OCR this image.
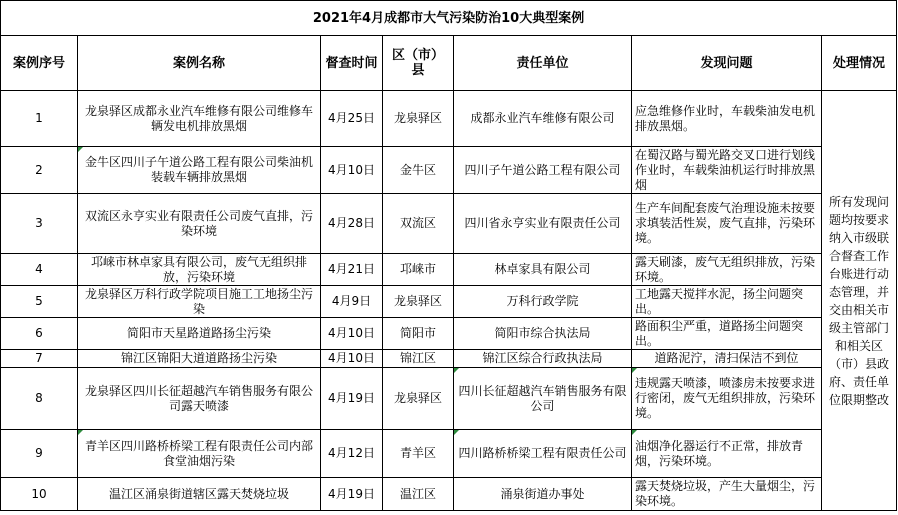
2021年4月成都市大气污染防治10大典型案例						
案例序号	案例名称	督查时间	区（市）县	责任单位	发现问题	处理情况
1	龙泉驿区成都永业汽车维修有限公司维修车辆发电机排放黑烟	4月25日	龙泉驿区	成都永业汽车维修有限公司	应急维修作业时，车载柴油发电机排放黑烟。	所有发现问题均按要求纳入市级联合督查工作台账进行动态管理，并交由相关市级主管部门和相关区（市）县政府、责任单位限期整改
2	金牛区四川子午道公路工程有限公司柴油机装载车辆排放黑烟	4月10日	金牛区	四川子午道公路工程有限公司	在蜀汉路与蜀光路交叉口进行划线作业时，车载柴油机运行时排放黑烟	
3	双流区永亨实业有限责任公司废气直排，污染环境	4月28日	双流区	四川省永亨实业有限责任公司	生产车间配套废气治理设施未按要求填装活性炭，废气直排，污染环境。	
4	邛崃市林卓家具有限公司，废气无组织排放，污染环境	4月21日	邛崃市	林卓家具有限公司	露天刷漆，废气无组织排放，污染环境。	
5	龙泉驿区万科行政学院项目施工工地扬尘污染	4月9日	龙泉驿区	万科行政学院	工地露天搅拌水泥，扬尘问题突出。	
6	简阳市天星路道路扬尘污染	4月10日	简阳市	简阳市综合执法局	路面积尘严重，道路扬尘问题突出。	
7	锦江区锦阳大道道路扬尘污染	4月10日	锦江区	锦江区综合行政执法局	道路泥泞，清扫保洁不到位	
8	龙泉驿区四川长征超越汽车销售服务有限公司露天喷漆	4月19日	龙泉驿区	四川长征超越汽车销售服务有限公司	违规露天喷漆，喷漆房未按要求进行密闭，废气无组织排放，污染环境。	
9	青羊区四川路桥桥梁工程有限责任公司内部食堂油烟污染	4月12日	青羊区	四川路桥桥梁工程有限责任公司	油烟净化器运行不正常，排放青烟，污染环境。	
10	温江区涌泉街道辖区露天焚烧垃圾	4月19日	温江区	涌泉街道办事处	露天焚烧垃圾，产生大量烟尘，污染环境。	
